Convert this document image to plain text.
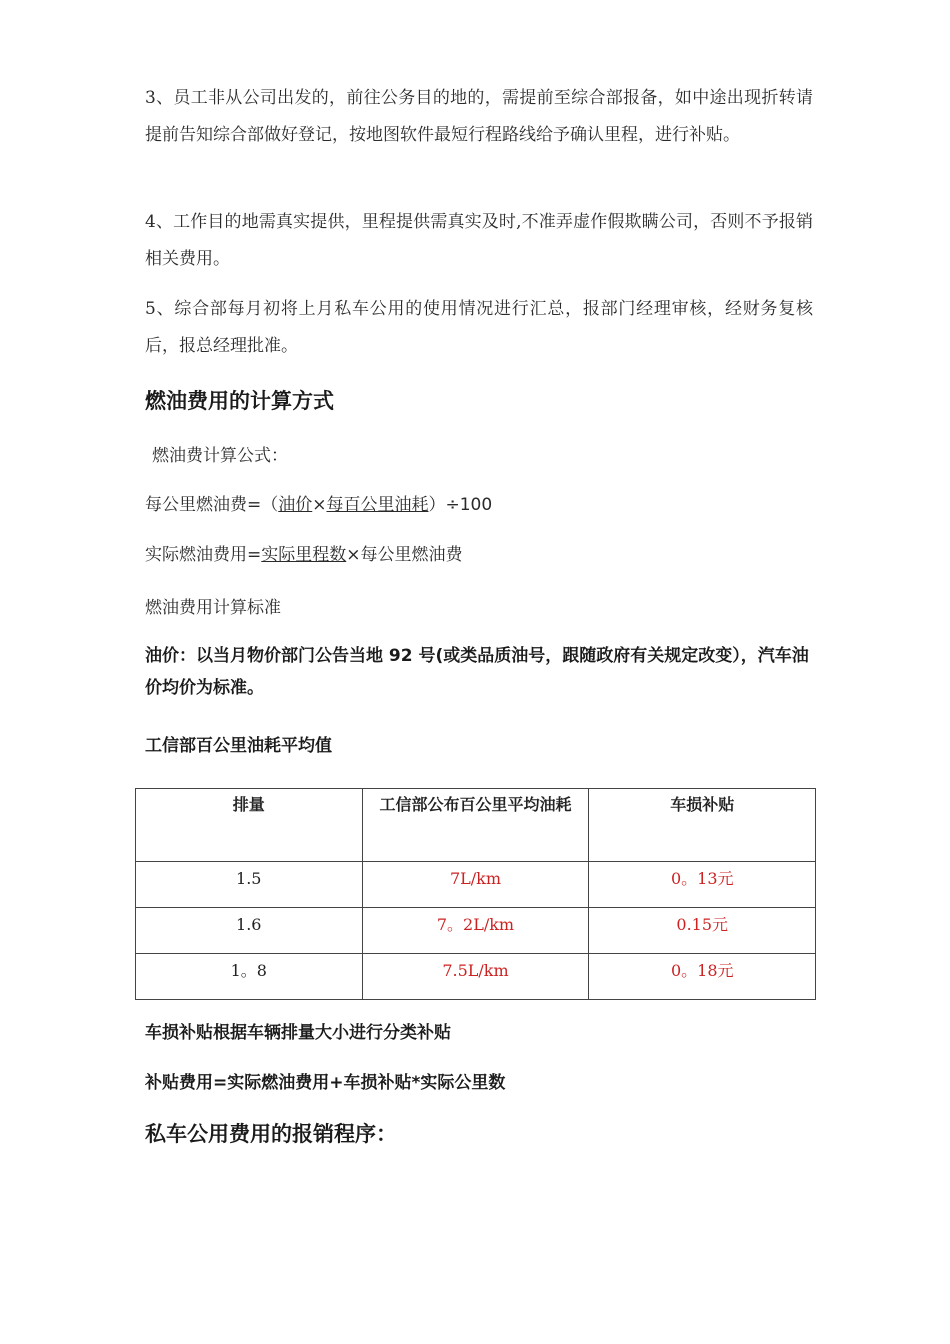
3、员工非从公司出发的，前往公务目的地的，需提前至综合部报备，如中途出现折转请提前告知综合部做好登记，按地图软件最短行程路线给予确认里程，进行补贴。

4、工作目的地需真实提供，里程提供需真实及时,不准弄虚作假欺瞒公司，否则不予报销相关费用。

5、综合部每月初将上月私车公用的使用情况进行汇总，报部门经理审核，经财务复核后，报总经理批准。

燃油费用的计算方式

燃油费计算公式：

每公里燃油费=（油价×每百公里油耗）÷100

实际燃油费用=实际里程数×每公里燃油费

燃油费用计算标准

油价：以当月物价部门公告当地 92 号(或类品质油号，跟随政府有关规定改变），汽车油价均价为标准。

工信部百公里油耗平均值

排量	工信部公布百公里平均油耗	车损补贴
1.5	7L/km	0。13元
1.6	7。2L/km	0.15元
1。8	7.5L/km	0。18元

车损补贴根据车辆排量大小进行分类补贴

补贴费用=实际燃油费用+车损补贴*实际公里数

私车公用费用的报销程序：
